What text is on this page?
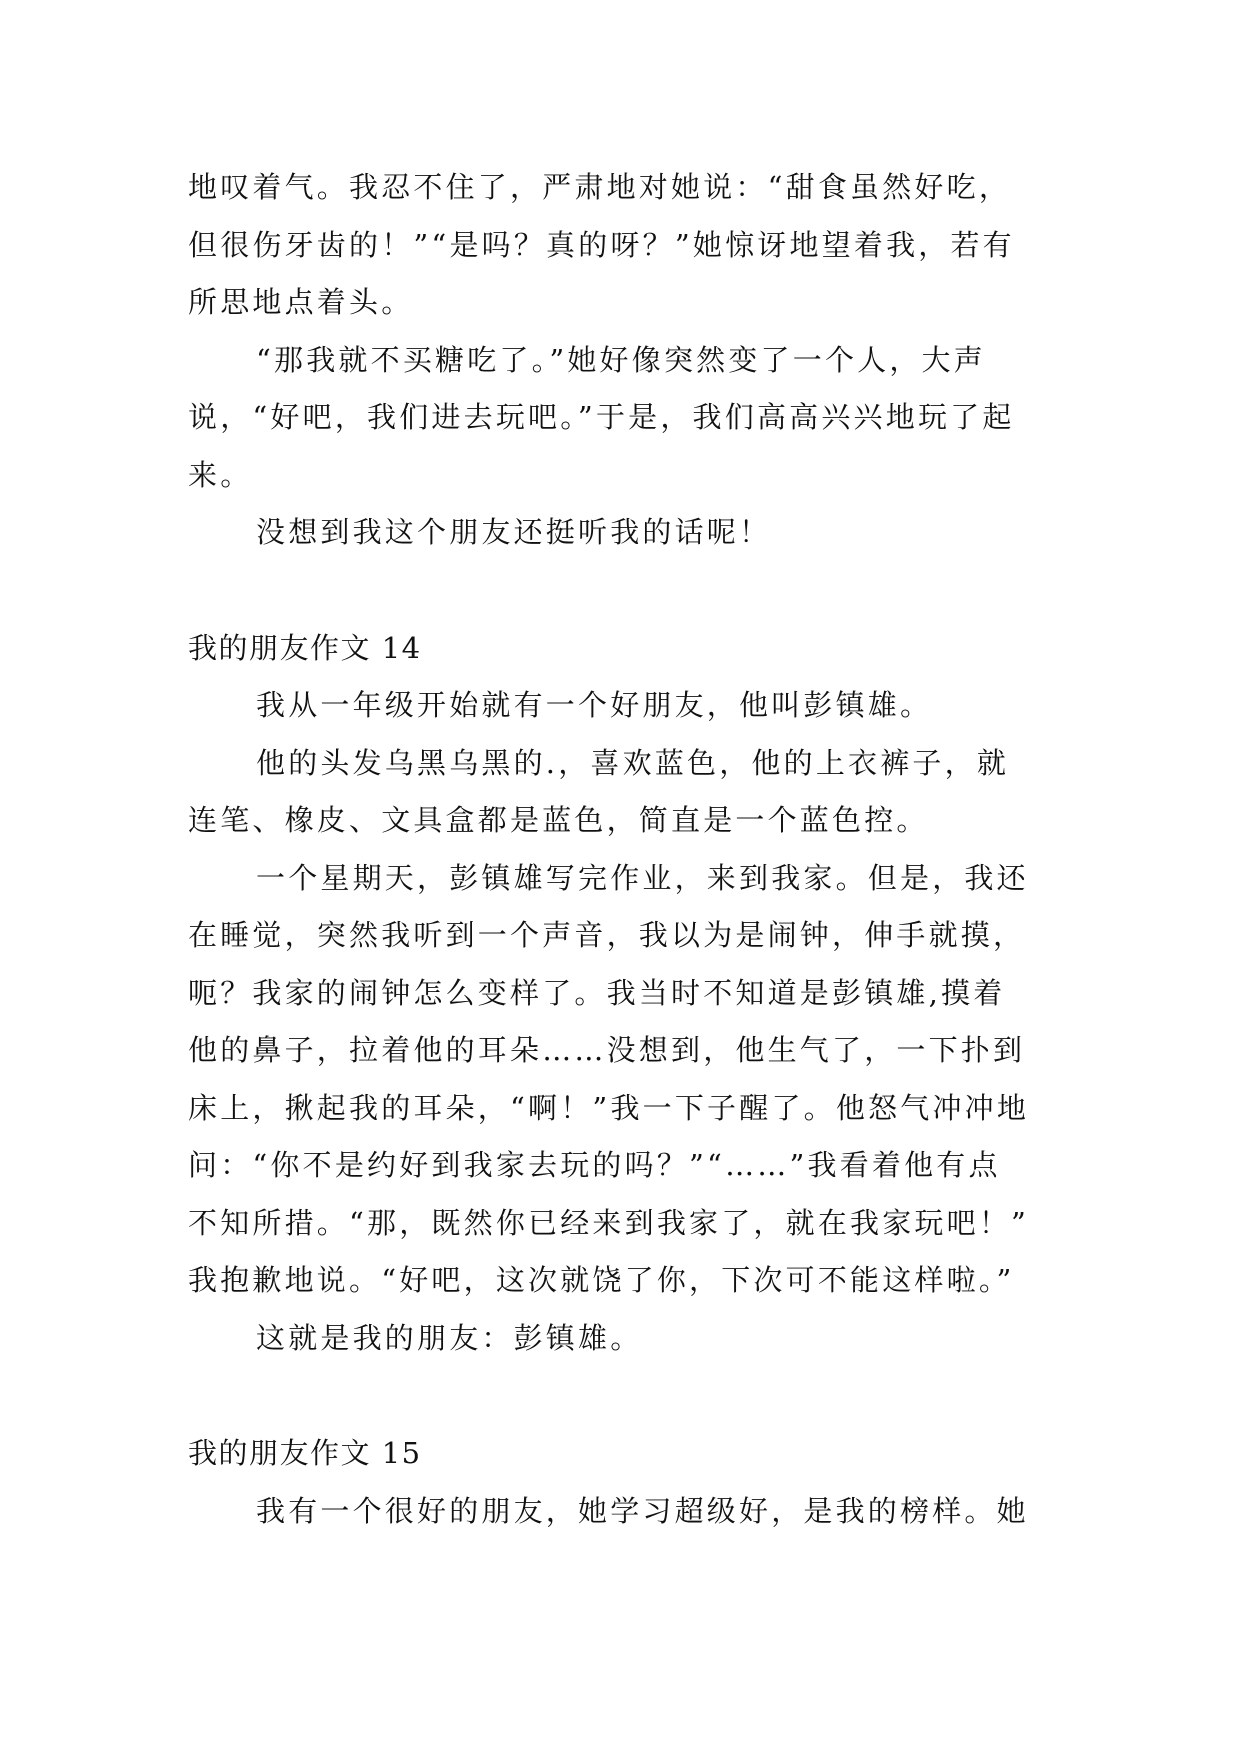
地叹着气。我忍不住了，严肃地对她说：“甜食虽然好吃，

但很伤牙齿的！”“是吗？真的呀？”她惊讶地望着我，若有

所思地点着头。

“那我就不买糖吃了。”她好像突然变了一个人，大声

说，“好吧，我们进去玩吧。”于是，我们高高兴兴地玩了起

来。

没想到我这个朋友还挺听我的话呢！

我的朋友作文 14

我从一年级开始就有一个好朋友，他叫彭镇雄。

他的头发乌黑乌黑的.，喜欢蓝色，他的上衣裤子，就

连笔、橡皮、文具盒都是蓝色，简直是一个蓝色控。

一个星期天，彭镇雄写完作业，来到我家。但是，我还

在睡觉，突然我听到一个声音，我以为是闹钟，伸手就摸，

呃？我家的闹钟怎么变样了。我当时不知道是彭镇雄,摸着

他的鼻子，拉着他的耳朵……没想到，他生气了，一下扑到

床上，揪起我的耳朵，“啊！”我一下子醒了。他怒气冲冲地

问：“你不是约好到我家去玩的吗？”“……”我看着他有点

不知所措。“那，既然你已经来到我家了，就在我家玩吧！”

我抱歉地说。“好吧，这次就饶了你，下次可不能这样啦。”

这就是我的朋友：彭镇雄。

我的朋友作文 15

我有一个很好的朋友，她学习超级好，是我的榜样。她
